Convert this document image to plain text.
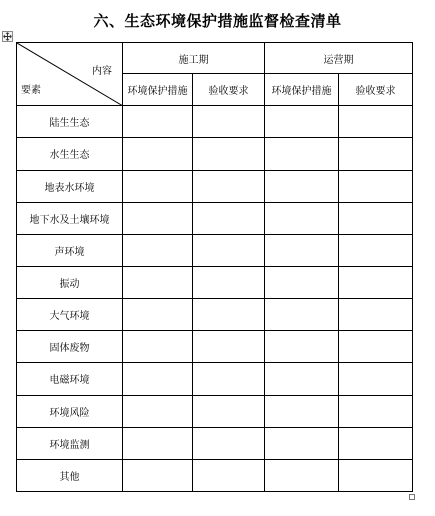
六、生态环境保护措施监督检查清单
内容
要素	施工期		运营期	
	环境保护措施	验收要求	环境保护措施	验收要求
陆生生态				
水生生态				
地表水环境				
地下水及土壤环境				
声环境				
振动				
大气环境				
固体废物				
电磁环境				
环境风险				
环境监测				
其他				
